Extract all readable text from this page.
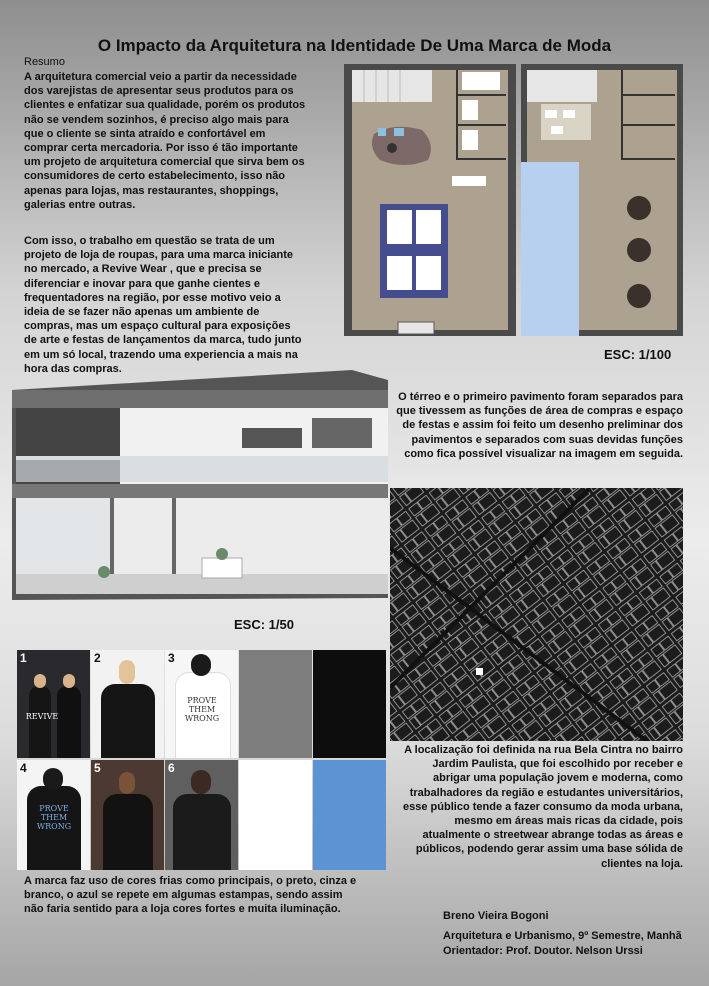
O Impacto da Arquitetura na Identidade De Uma Marca de Moda
Resumo
A arquitetura comercial veio a partir da necessidade dos varejistas de apresentar seus produtos para os clientes e enfatizar sua qualidade, porém os produtos não se vendem sozinhos, é preciso algo mais para que o cliente se sinta atraído e confortável em comprar certa mercadoria. Por isso é tão importante um projeto de arquitetura comercial que sirva bem os consumidores de certo estabelecimento, isso não apenas para lojas, mas restaurantes, shoppings, galerias entre outras.
Com isso, o trabalho em questão se trata de um projeto de loja de roupas, para uma marca iniciante no mercado, a Revive Wear , que e precisa se diferenciar e inovar para que ganhe cientes e frequentadores na região, por esse motivo veio a ideia de se fazer não apenas um ambiente de compras, mas um espaço cultural para exposições de arte e festas de lançamentos da marca, tudo junto em um só local, trazendo uma experiencia a mais na hora das compras.
ESC: 1/100
ESC: 1/50
O térreo e o primeiro pavimento foram separados para que tivessem as funções de área de compras e espaço de festas e assim foi feito um desenho preliminar dos pavimentos e separados com suas devidas funções como fica possível visualizar na imagem em seguida.
A localização foi definida na rua Bela Cintra no bairro Jardim Paulista, que foi escolhido por receber e abrigar uma população jovem e moderna, como trabalhadores da região e estudantes universitários, esse público tende a fazer consumo da moda urbana, mesmo em áreas mais ricas da cidade, pois atualmente o streetwear abrange todas as áreas e públicos, podendo gerar assim uma base sólida de clientes na loja.
REVIVE
1	2
PROVE THEM WRONG
3
PROVE THEM WRONG
4	5	6
A marca faz uso de cores frias como principais, o preto, cinza e branco, o azul se repete em algumas estampas, sendo assim não faria sentido para a loja cores fortes e muita iluminação.
Breno Vieira Bogoni
Arquitetura e Urbanismo, 9º Semestre, Manhã
Orientador: Prof. Doutor. Nelson Urssi
